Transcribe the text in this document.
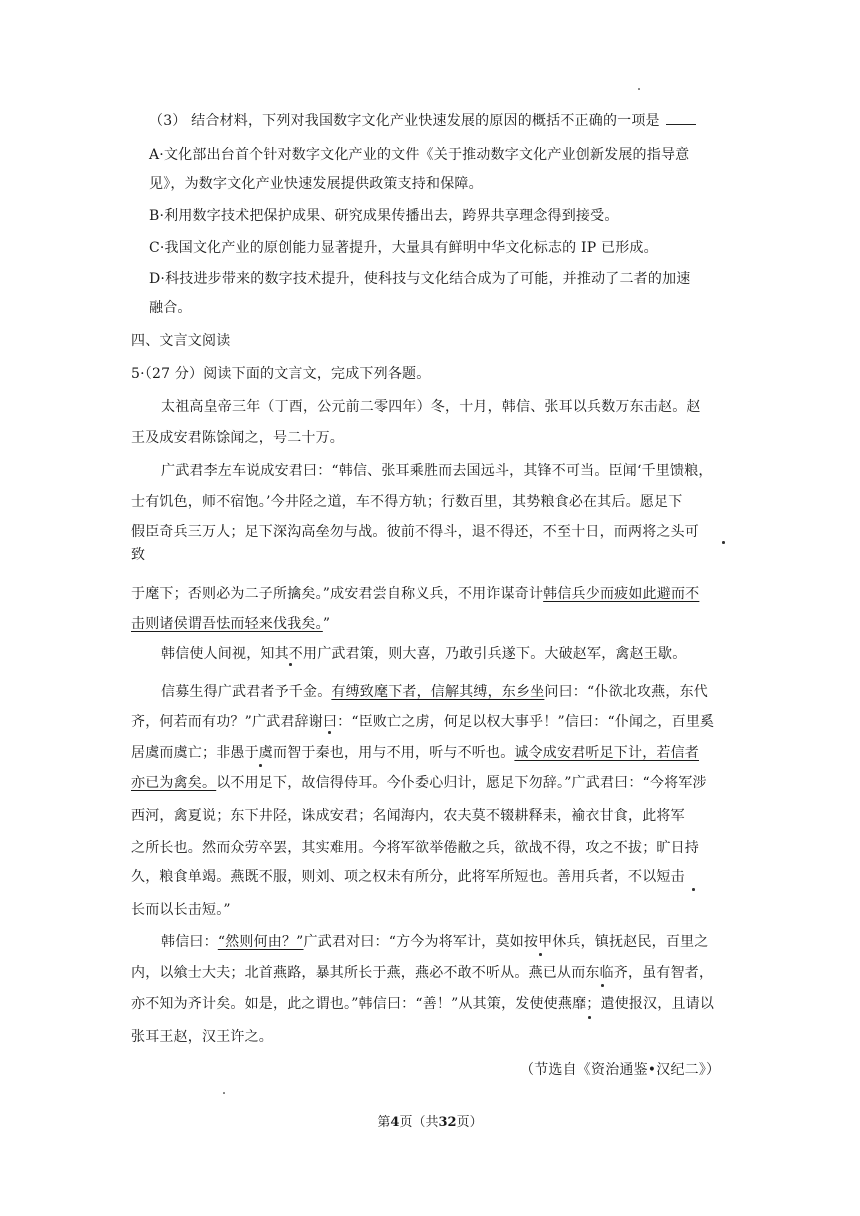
（3） 结合材料，下列对我国数字文化产业快速发展的原因的概括不正确的一项是
A·文化部出台首个针对数字文化产业的文件《关于推动数字文化产业创新发展的指导意
见》，为数字文化产业快速发展提供政策支持和保障。
B·利用数字技术把保护成果、研究成果传播出去，跨界共享理念得到接受。
C·我国文化产业的原创能力显著提升，大量具有鲜明中华文化标志的 IP 已形成。
D·科技进步带来的数字技术提升，使科技与文化结合成为了可能，并推动了二者的加速
融合。
四、文言文阅读
5·（27 分）阅读下面的文言文，完成下列各题。
太祖高皇帝三年（丁酉，公元前二零四年）冬，十月，韩信、张耳以兵数万东击赵。赵
王及成安君陈馀闻之，号二十万。
广武君李左车说成安君曰：“韩信、张耳乘胜而去国远斗，其锋不可当。臣闻‘千里馈粮，
士有饥色，师不宿饱。’今井陉之道，车不得方轨；行数百里，其势粮食必在其后。愿足下
假臣奇兵三万人；足下深沟高垒勿与战。彼前不得斗，退不得还，不至十日，而两将之头可
致
于麾下；否则必为二子所擒矣。”成安君尝自称义兵，不用诈谋奇计韩信兵少而疲如此避而不
击则诸侯谓吾怯而轻来伐我矣。”
韩信使人间视，知其不用广武君策，则大喜，乃敢引兵遂下。大破赵军，禽赵王歇。
信募生得广武君者予千金。有缚致麾下者，信解其缚，东乡坐问曰：“仆欲北攻燕，东代
齐，何若而有功？”广武君辞谢曰：“臣败亡之虏，何足以权大事乎！”信曰：“仆闻之，百里奚
居虞而虞亡；非愚于虞而智于秦也，用与不用，听与不听也。诚令成安君听足下计，若信者
亦已为禽矣。以不用足下，故信得侍耳。今仆委心归计，愿足下勿辞。”广武君曰：“今将军涉
西河，禽夏说；东下井陉，诛成安君；名闻海内，农夫莫不辍耕释耒，褕衣甘食，此将军
之所长也。然而众劳卒罢，其实难用。今将军欲举倦敝之兵，欲战不得，攻之不拔；旷日持
久，粮食单竭。燕既不服，则刘、项之权未有所分，此将军所短也。善用兵者，不以短击
长而以长击短。”
韩信曰：“然则何由？”广武君对曰：“方今为将军计，莫如按甲休兵，镇抚赵民，百里之
内，以飨士大夫；北首燕路，暴其所长于燕，燕必不敢不听从。燕已从而东临齐，虽有智者，
亦不知为齐计矣。如是，此之谓也。”韩信曰：“善！”从其策，发使使燕靡；遣使报汉，且请以
张耳王赵，汉王许之。
（节选自《资治通鉴•汉纪二》）
第4页（共32页）
